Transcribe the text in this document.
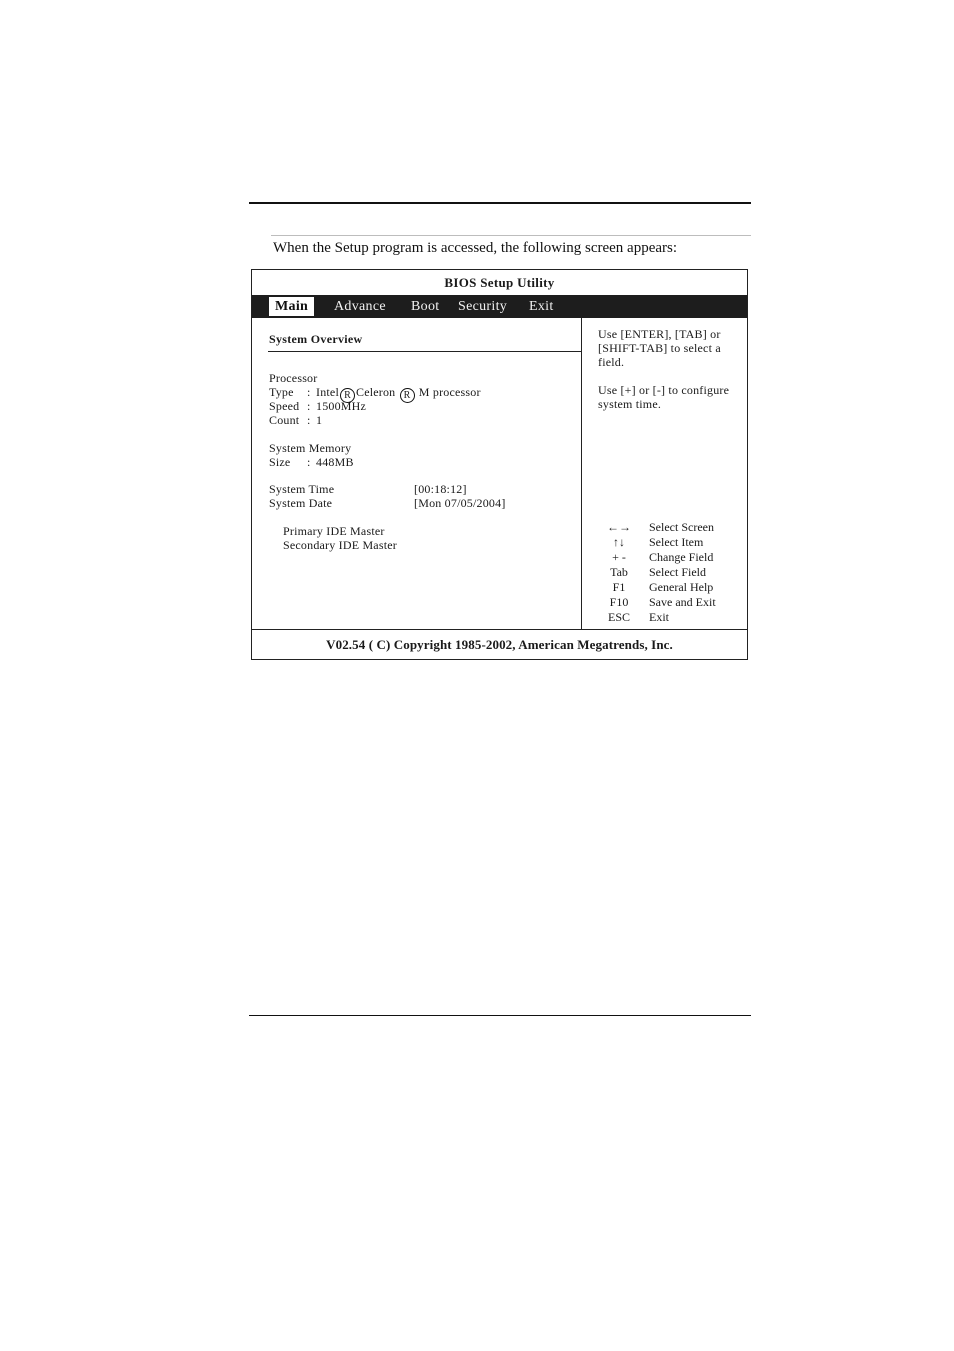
When the Setup program is accessed, the following screen appears:
BIOS Setup Utility
Main	Advance Boot Security Exit
System Overview
Processor
Type : Intel R Celeron R M processor
Speed : 1500MHz
Count : 1
System Memory
Size : 448MB
System Time	[00:18:12]
System Date	[Mon 07/05/2004]
Primary IDE Master
Secondary IDE Master

Use [ENTER], [TAB] or [SHIFT-TAB] to select a field.

Use [+] or [-] to configure system time.

←→	Select Screen
↑↓	Select Item
+ -	Change Field
Tab	Select Field
F1	General Help
F10	Save and Exit
ESC	Exit
V02.54 ( C) Copyright 1985-2002, American Megatrends, Inc.
